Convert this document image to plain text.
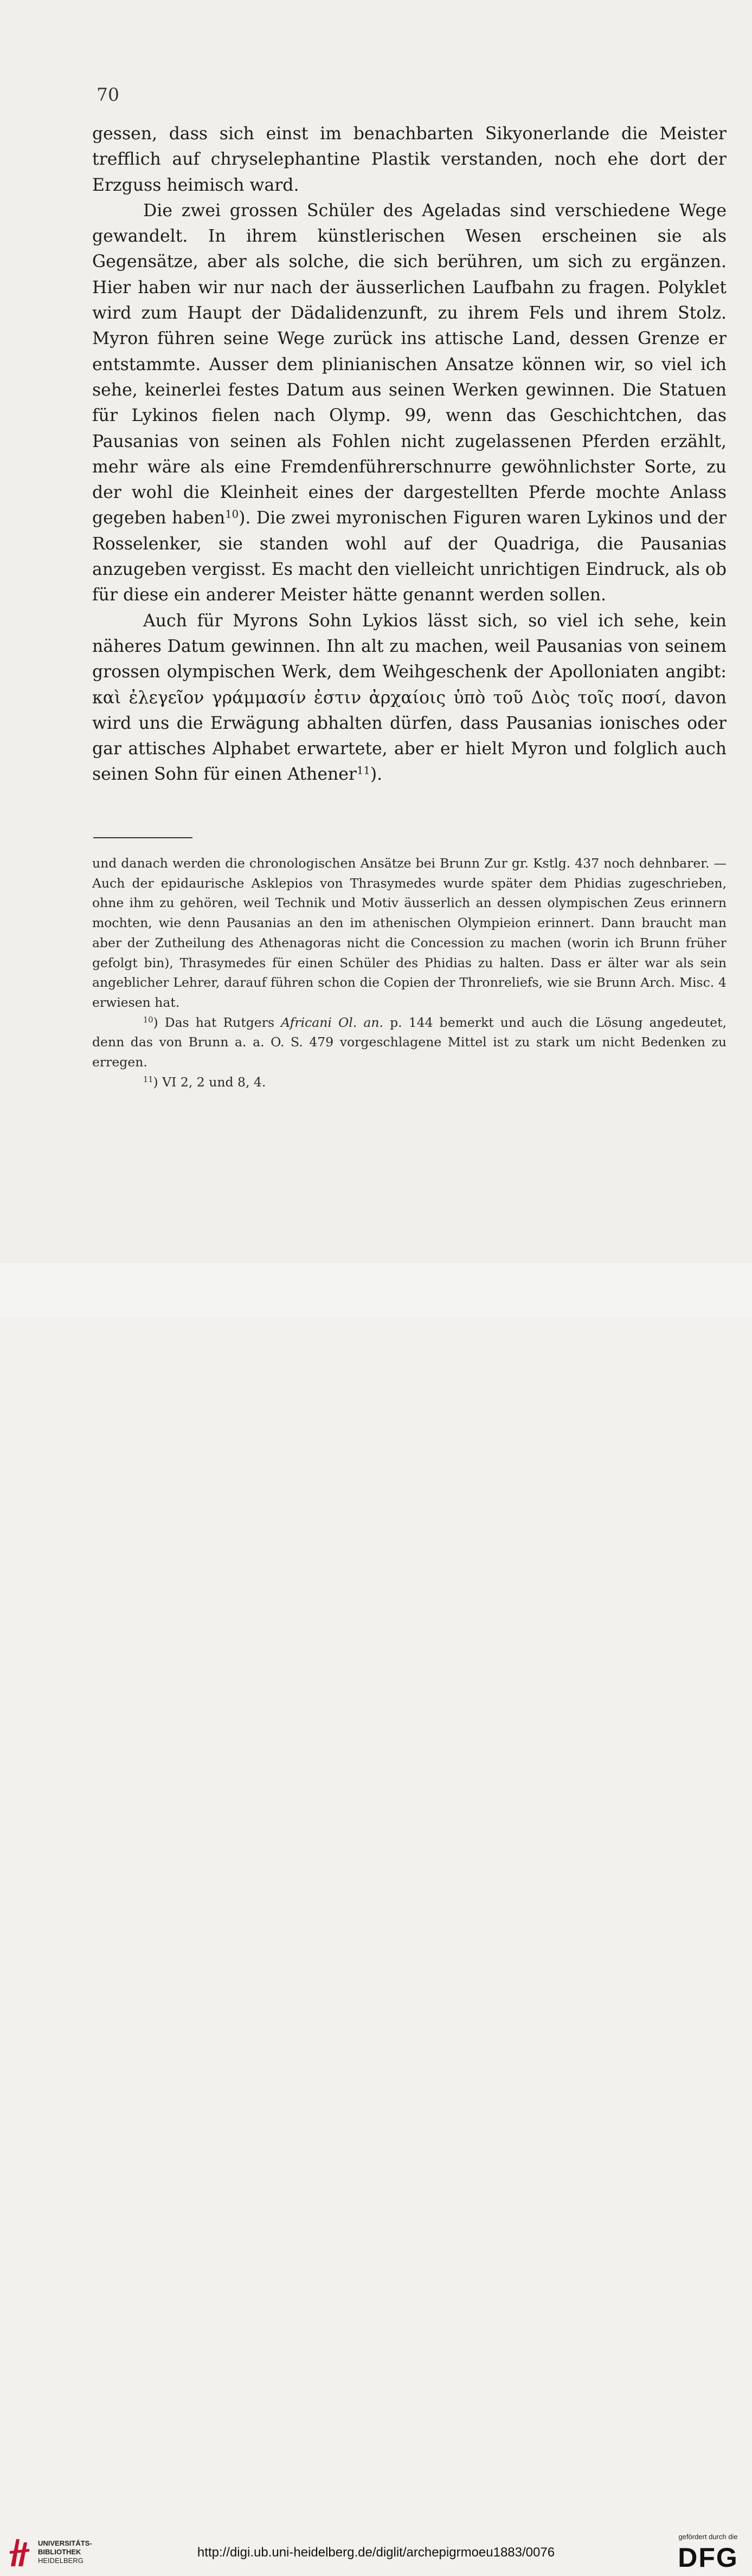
70

gessen, dass sich einst im benachbarten Sikyonerlande die Meister trefflich auf chryselephantine Plastik verstanden, noch ehe dort der Erzguss heimisch ward.

Die zwei grossen Schüler des Ageladas sind verschiedene Wege gewandelt. In ihrem künstlerischen Wesen erscheinen sie als Gegensätze, aber als solche, die sich berühren, um sich zu ergänzen. Hier haben wir nur nach der äusserlichen Laufbahn zu fragen. Polyklet wird zum Haupt der Dädalidenzunft, zu ihrem Fels und ihrem Stolz. Myron führen seine Wege zurück ins attische Land, dessen Grenze er entstammte. Ausser dem plinianischen Ansatze können wir, so viel ich sehe, keinerlei festes Datum aus seinen Werken gewinnen. Die Statuen für Lykinos fielen nach Olymp. 99, wenn das Geschichtchen, das Pausanias von seinen als Fohlen nicht zugelassenen Pferden erzählt, mehr wäre als eine Fremdenführerschnurre gewöhnlichster Sorte, zu der wohl die Kleinheit eines der dargestellten Pferde mochte Anlass gegeben haben$^{10}$). Die zwei myronischen Figuren waren Lykinos und der Rosselenker, sie standen wohl auf der Quadriga, die Pausanias anzugeben vergisst. Es macht den vielleicht unrichtigen Eindruck, als ob für diese ein anderer Meister hätte genannt werden sollen.

Auch für Myrons Sohn Lykios lässt sich, so viel ich sehe, kein näheres Datum gewinnen. Ihn alt zu machen, weil Pausanias von seinem grossen olympischen Werk, dem Weihgeschenk der Apolloniaten angibt: καὶ ἐλεγεῖον γράμμασίν ἐστιν ἀρχαίοις ὑπὸ τοῦ Διὸς τοῖς ποσί, davon wird uns die Erwägung abhalten dürfen, dass Pausanias ionisches oder gar attisches Alphabet erwartete, aber er hielt Myron und folglich auch seinen Sohn für einen Athener$^{11}$).

und danach werden die chronologischen Ansätze bei Brunn Zur gr. Kstlg. 437 noch dehnbarer. — Auch der epidaurische Asklepios von Thrasymedes wurde später dem Phidias zugeschrieben, ohne ihm zu gehören, weil Technik und Motiv äusserlich an dessen olympischen Zeus erinnern mochten, wie denn Pausanias an den im athenischen Olympieion erinnert. Dann braucht man aber der Zutheilung des Athenagoras nicht die Concession zu machen (worin ich Brunn früher gefolgt bin), Thrasymedes für einen Schüler des Phidias zu halten. Dass er älter war als sein angeblicher Lehrer, darauf führen schon die Copien der Thronreliefs, wie sie Brunn Arch. Misc. 4 erwiesen hat.

$^{10}$) Das hat Rutgers Africani Ol. an. p. 144 bemerkt und auch die Lösung angedeutet, denn das von Brunn a. a. O. S. 479 vorgeschlagene Mittel ist zu stark um nicht Bedenken zu erregen.

$^{11}$) VI 2, 2 und 8, 4.

UNIVERSITÄTS-
BIBLIOTHEK
HEIDELBERG
http://digi.ub.uni-heidelberg.de/diglit/archepigrmoeu1883/0076
gefördert durch die
DFG
